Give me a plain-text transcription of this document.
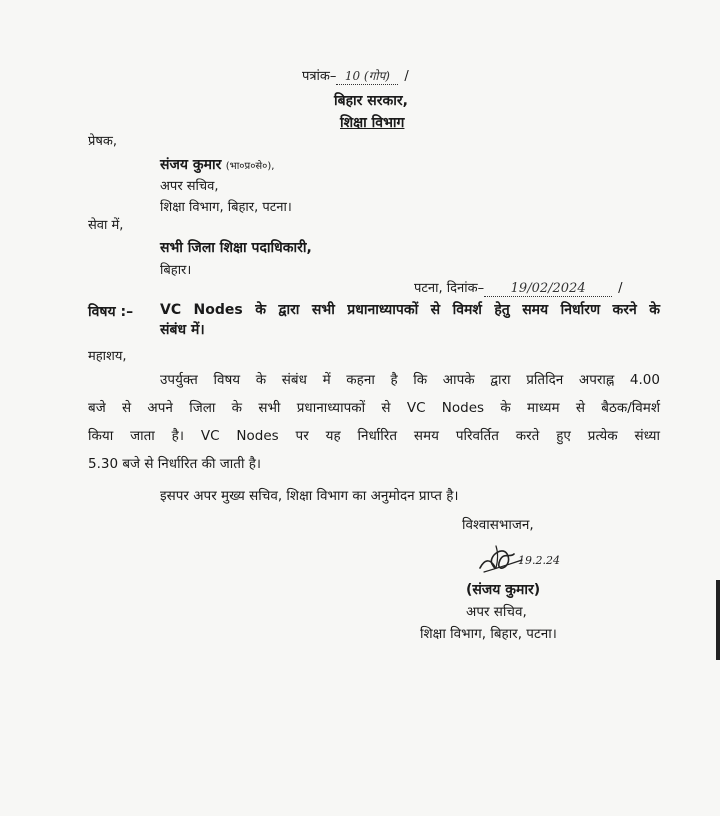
पत्रांक– 10 (गोप) /
बिहार सरकार,
शिक्षा विभाग
प्रेषक,
संजय कुमार (भा०प्र०से०),
अपर सचिव,
शिक्षा विभाग, बिहार, पटना।
सेवा में,
सभी जिला शिक्षा पदाधिकारी,
बिहार।
पटना, दिनांक– 19/02/2024	/
विषय :– VC Nodes के द्वारा सभी प्रधानाध्यापकों से विमर्श हेतु समय निर्धारण करने के
संबंध में।
महाशय,
उपर्युक्त विषय के संबंध में कहना है कि आपके द्वारा प्रतिदिन अपराह्न 4.00
बजे से अपने जिला के सभी प्रधानाध्यापकों से VC Nodes के माध्यम से बैठक/विमर्श
किया जाता है। VC Nodes पर यह निर्धारित समय परिवर्तित करते हुए प्रत्येक संध्या
5.30 बजे से निर्धारित की जाती है।
इसपर अपर मुख्य सचिव, शिक्षा विभाग का अनुमोदन प्राप्त है।
विश्वासभाजन,
19.2.24
(संजय कुमार)
अपर सचिव,
शिक्षा विभाग, बिहार, पटना।
